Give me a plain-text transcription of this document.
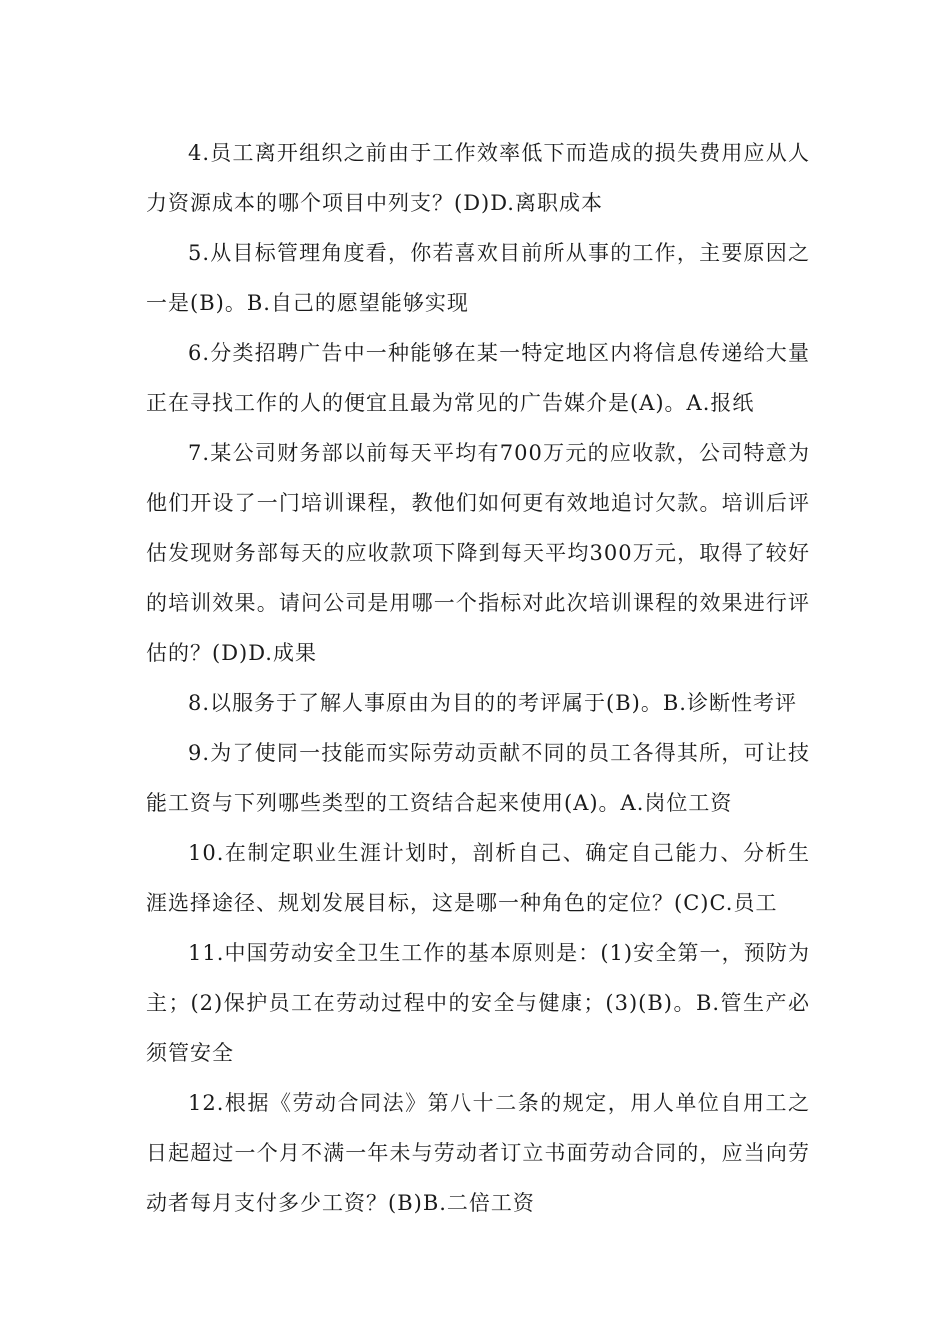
4.员工离开组织之前由于工作效率低下而造成的损失费用应从人力资源成本的哪个项目中列支？(D)D.离职成本

5.从目标管理角度看，你若喜欢目前所从事的工作，主要原因之一是(B)。B.自己的愿望能够实现

6.分类招聘广告中一种能够在某一特定地区内将信息传递给大量正在寻找工作的人的便宜且最为常见的广告媒介是(A)。A.报纸

7.某公司财务部以前每天平均有700万元的应收款，公司特意为他们开设了一门培训课程，教他们如何更有效地追讨欠款。培训后评估发现财务部每天的应收款项下降到每天平均300万元，取得了较好的培训效果。请问公司是用哪一个指标对此次培训课程的效果进行评估的？(D)D.成果

8.以服务于了解人事原由为目的的考评属于(B)。B.诊断性考评

9.为了使同一技能而实际劳动贡献不同的员工各得其所，可让技能工资与下列哪些类型的工资结合起来使用(A)。A.岗位工资

10.在制定职业生涯计划时，剖析自己、确定自己能力、分析生涯选择途径、规划发展目标，这是哪一种角色的定位？(C)C.员工

11.中国劳动安全卫生工作的基本原则是：(1)安全第一，预防为主；(2)保护员工在劳动过程中的安全与健康；(3)(B)。B.管生产必须管安全

12.根据《劳动合同法》第八十二条的规定，用人单位自用工之日起超过一个月不满一年未与劳动者订立书面劳动合同的，应当向劳动者每月支付多少工资？(B)B.二倍工资
